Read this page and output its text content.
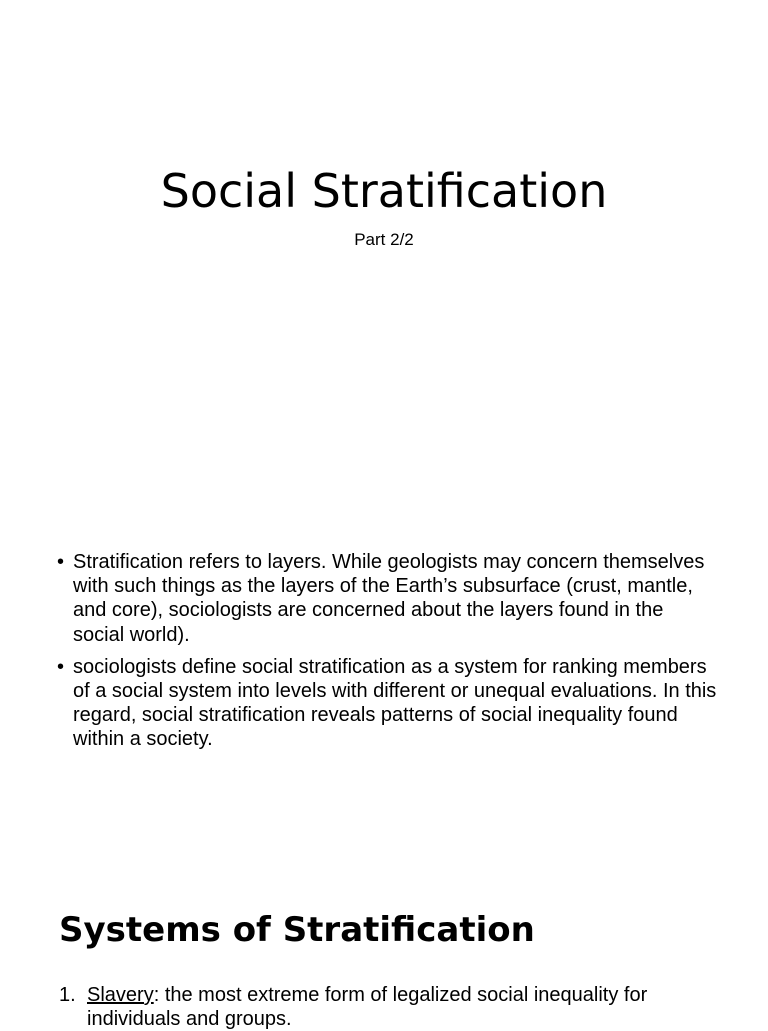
Social Stratification

Part 2/2

• Stratification refers to layers. While geologists may concern themselves with such things as the layers of the Earth’s subsurface (crust, mantle, and core), sociologists are concerned about the layers found in the social world).
• sociologists define social stratification as a system for ranking members of a social system into levels with different or unequal evaluations. In this regard, social stratification reveals patterns of social inequality found within a society.
Systems of Stratification
1. Slavery: the most extreme form of legalized social inequality for individuals and groups.
